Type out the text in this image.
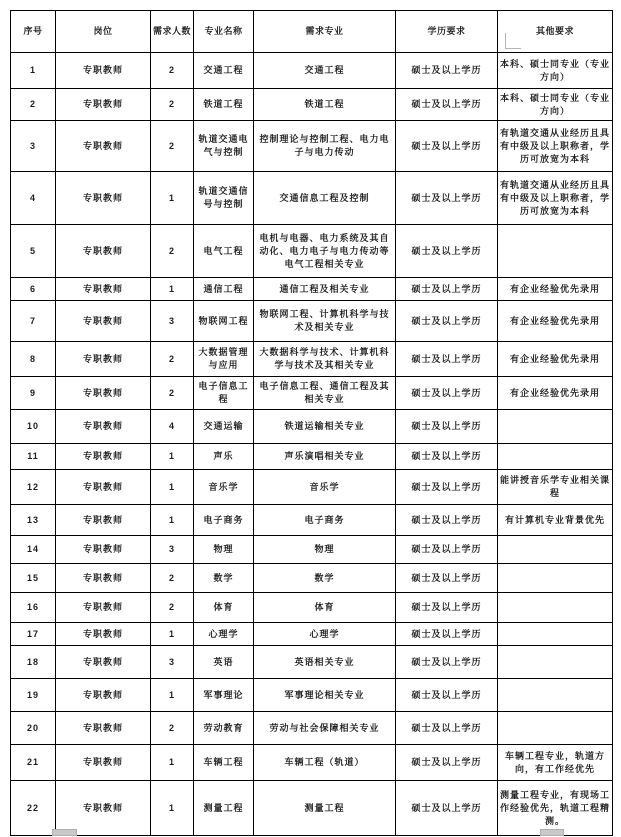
序号	岗位	需求人数	专业名称	需求专业	学历要求	其他要求
1	专职教师	2	交通工程	交通工程	硕士及以上学历	本科、硕士同专业（专业方向）
2	专职教师	2	铁道工程	铁道工程	硕士及以上学历	本科、硕士同专业（专业方向）
3	专职教师	2	轨道交通电气与控制	控制理论与控制工程、电力电子与电力传动	硕士及以上学历	有轨道交通从业经历且具有中级及以上职称者，学历可放宽为本科
4	专职教师	1	轨道交通信号与控制	交通信息工程及控制	硕士及以上学历	有轨道交通从业经历且具有中级及以上职称者，学历可放宽为本科
5	专职教师	2	电气工程	电机与电器、电力系统及其自动化、电力电子与电力传动等电气工程相关专业	硕士及以上学历	
6	专职教师	1	通信工程	通信工程及相关专业	硕士及以上学历	有企业经验优先录用
7	专职教师	3	物联网工程	物联网工程、计算机科学与技术及相关专业	硕士及以上学历	有企业经验优先录用
8	专职教师	2	大数据管理与应用	大数据科学与技术、计算机科学与技术及其相关专业	硕士及以上学历	有企业经验优先录用
9	专职教师	2	电子信息工程	电子信息工程、通信工程及其相关专业	硕士及以上学历	有企业经验优先录用
10	专职教师	4	交通运输	铁道运输相关专业	硕士及以上学历	
11	专职教师	1	声乐	声乐演唱相关专业	硕士及以上学历	
12	专职教师	1	音乐学	音乐学	硕士及以上学历	能讲授音乐学专业相关课程
13	专职教师	1	电子商务	电子商务	硕士及以上学历	有计算机专业背景优先
14	专职教师	3	物理	物理	硕士及以上学历	
15	专职教师	2	数学	数学	硕士及以上学历	
16	专职教师	2	体育	体育	硕士及以上学历	
17	专职教师	1	心理学	心理学	硕士及以上学历	
18	专职教师	3	英语	英语相关专业	硕士及以上学历	
19	专职教师	1	军事理论	军事理论相关专业	硕士及以上学历	
20	专职教师	2	劳动教育	劳动与社会保障相关专业	硕士及以上学历	
21	专职教师	1	车辆工程	车辆工程（轨道）	硕士及以上学历	车辆工程专业，轨道方向，有工作经优先
22	专职教师	1	测量工程	测量工程	硕士及以上学历	测量工程专业，有现场工作经验优先，轨道工程精测。
